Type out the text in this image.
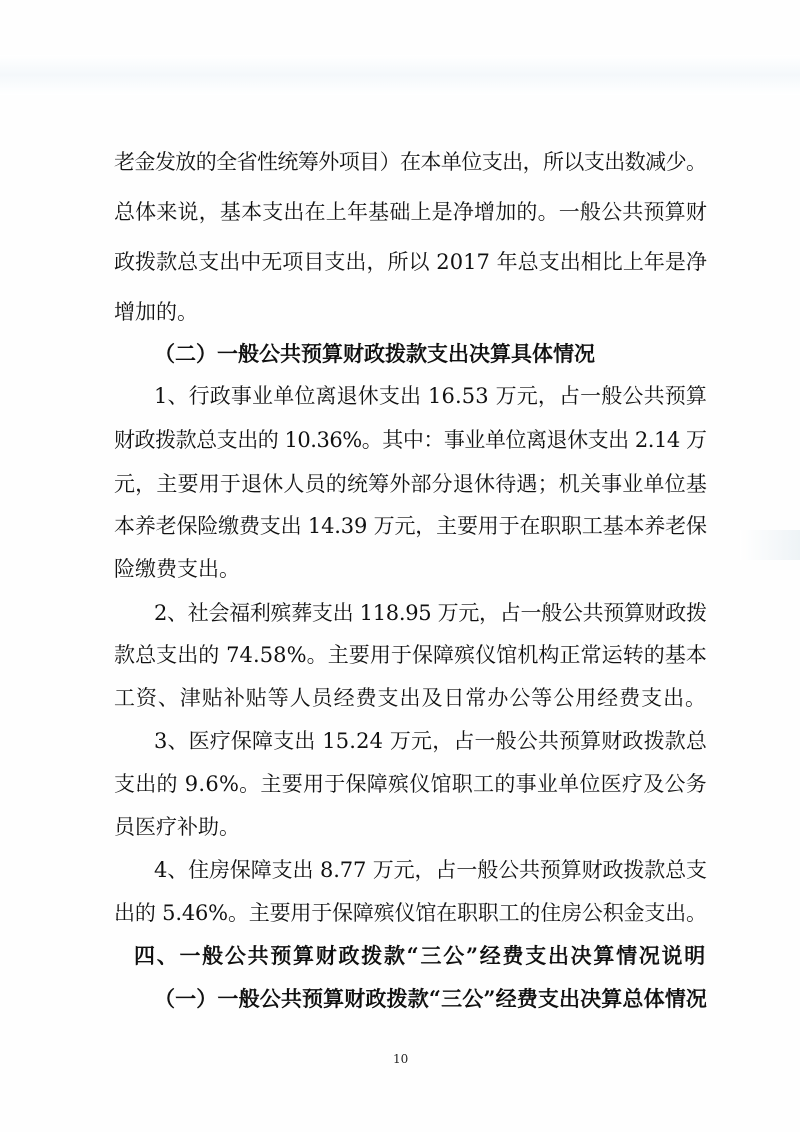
老金发放的全省性统筹外项目）在本单位支出，所以支出数减少。

总体来说，基本支出在上年基础上是净增加的。一般公共预算财

政拨款总支出中无项目支出，所以 2017 年总支出相比上年是净

增加的。

（二）一般公共预算财政拨款支出决算具体情况

1、行政事业单位离退休支出 16.53 万元，占一般公共预算

财政拨款总支出的 10.36%。其中：事业单位离退休支出 2.14 万

元，主要用于退休人员的统筹外部分退休待遇；机关事业单位基

本养老保险缴费支出 14.39 万元，主要用于在职职工基本养老保

险缴费支出。

2、社会福利殡葬支出 118.95 万元，占一般公共预算财政拨

款总支出的 74.58%。主要用于保障殡仪馆机构正常运转的基本

工资、津贴补贴等人员经费支出及日常办公等公用经费支出。

3、医疗保障支出 15.24 万元，占一般公共预算财政拨款总

支出的 9.6%。主要用于保障殡仪馆职工的事业单位医疗及公务

员医疗补助。

4、住房保障支出 8.77 万元，占一般公共预算财政拨款总支

出的 5.46%。主要用于保障殡仪馆在职职工的住房公积金支出。

四、一般公共预算财政拨款“三公”经费支出决算情况说明

（一）一般公共预算财政拨款“三公”经费支出决算总体情况

10
